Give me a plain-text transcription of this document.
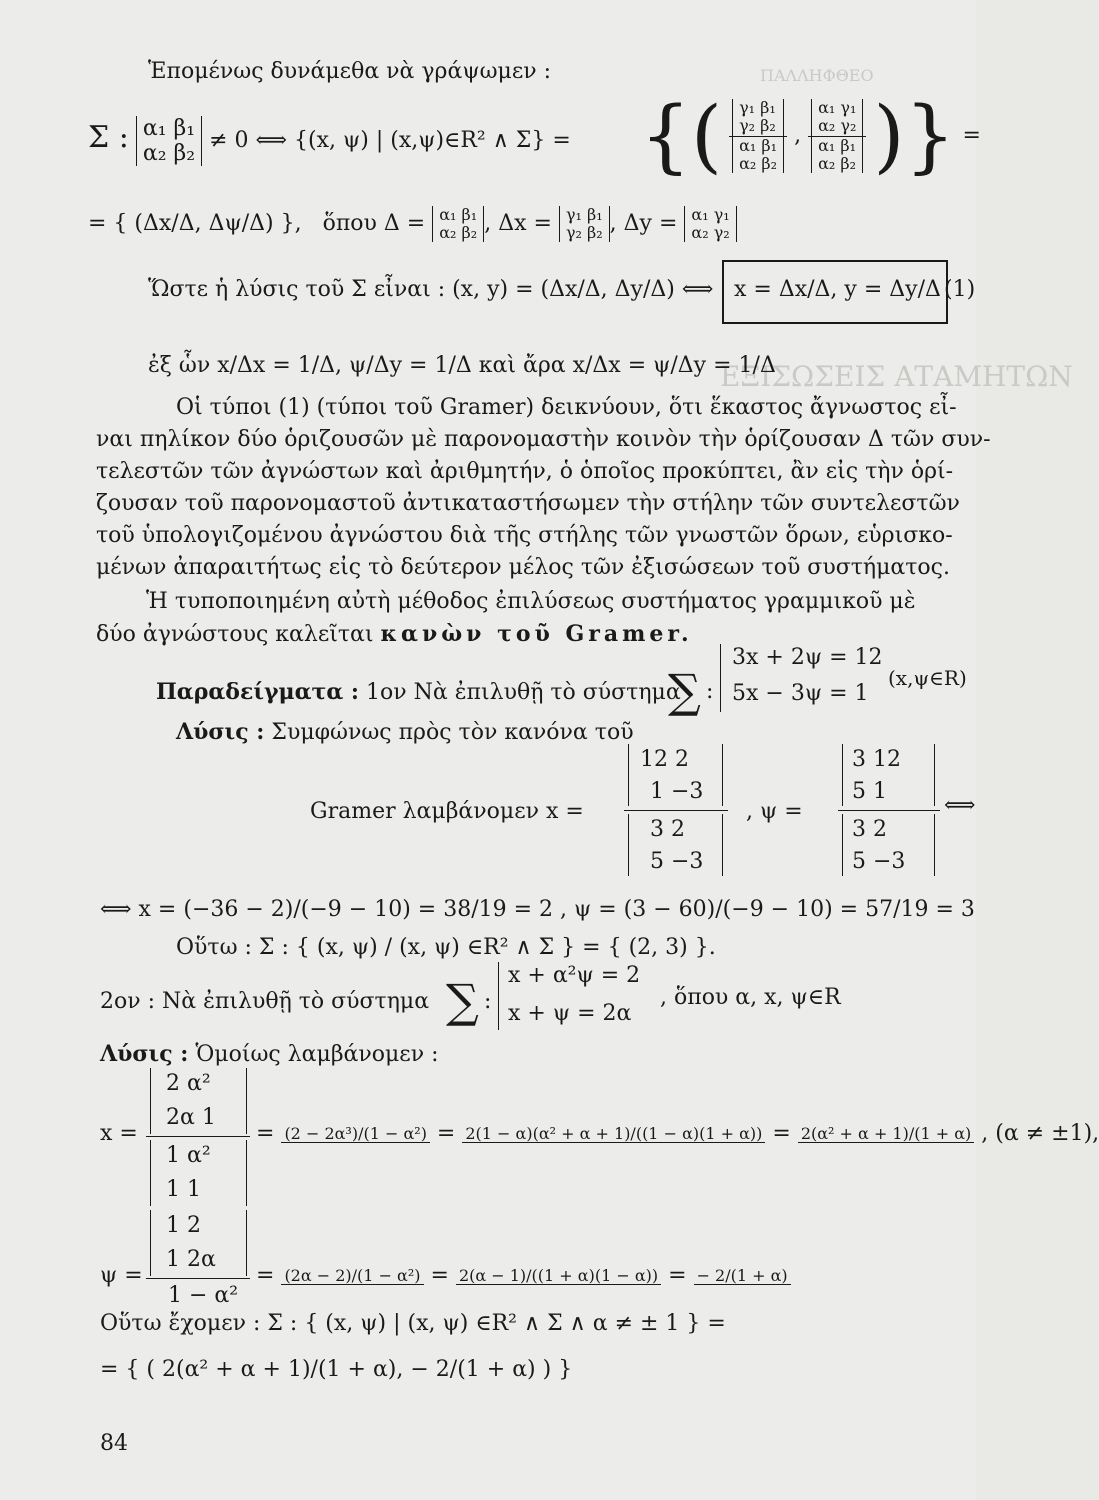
ΠΑΛΛΗΦΘΕΟ
ΕΞΙΣΩΣΕΙΣ ΑΤΑΜΗΤΩΝ
Ἑπομένως δυνάμεθα νὰ γράψωμεν :
Σ : α₁ β₁
α₂ β₂
≠ 0 ⟺ {(x, ψ) | (x,ψ)∈R² ∧ Σ} = {( γ₁ β₁
γ₂ β₂
α₁ β₁
α₂ β₂ , α₁ γ₁
α₂ γ₂
α₁ β₁
α₂ β₂ )} =
= { (Δx/Δ, Δψ/Δ) }, ὅπου Δ = α₁ β₁
α₂ β₂ , Δx = γ₁ β₁
γ₂ β₂ , Δy = α₁ γ₁
α₂ γ₂
Ὥστε ἡ λύσις τοῦ Σ εἶναι : (x, y) = (Δx/Δ, Δy/Δ) ⟺ x = Δx/Δ, y = Δy/Δ (1)
ἐξ ὧν x/Δx = 1/Δ, ψ/Δy = 1/Δ καὶ ἄρα x/Δx = ψ/Δy = 1/Δ
Οἱ τύποι (1) (τύποι τοῦ Gramer) δεικνύουν, ὅτι ἕκαστος ἄγνωστος εἶ-
ναι πηλίκον δύο ὁριζουσῶν μὲ παρονομαστὴν κοινὸν τὴν ὁρίζουσαν Δ τῶν συν-
τελεστῶν τῶν ἀγνώστων καὶ ἀριθμητήν, ὁ ὁποῖος προκύπτει, ἂν εἰς τὴν ὁρί-
ζουσαν τοῦ παρονομαστοῦ ἀντικαταστήσωμεν τὴν στήλην τῶν συντελεστῶν
τοῦ ὑπολογιζομένου ἀγνώστου διὰ τῆς στήλης τῶν γνωστῶν ὅρων, εὑρισκο-
μένων ἀπαραιτήτως εἰς τὸ δεύτερον μέλος τῶν ἐξισώσεων τοῦ συστήματος.
Ἡ τυποποιημένη αὐτὴ μέθοδος ἐπιλύσεως συστήματος γραμμικοῦ μὲ
δύο ἀγνώστους καλεῖται κανὼν τοῦ Gramer.
Παραδείγματα : 1ον Νὰ ἐπιλυθῇ τὸ σύστημα
∑ :
3x + 2ψ = 12
5x − 3ψ = 1
(x,ψ∈R)
Λύσις : Συμφώνως πρὸς τὸν κανόνα τοῦ
Gramer λαμβάνομεν x =
12 2
1 −3
3 2
5 −3
, ψ =
3 12
5 1
3 2
5 −3
⟺
⟺ x = (−36 − 2)/(−9 − 10) = 38/19 = 2 , ψ = (3 − 60)/(−9 − 10) = 57/19 = 3
Οὕτω : Σ : { (x, ψ) / (x, ψ) ∈R² ∧ Σ } = { (2, 3) }.
2ον : Νὰ ἐπιλυθῇ τὸ σύστημα ∑ :
x + α²ψ = 2
x + ψ = 2α
, ὅπου α, x, ψ∈R
Λύσις : Ὁμοίως λαμβάνομεν :
x =
2 α²
2α 1
1 α²
1 1
= (2 − 2α³)/(1 − α²) = 2(1 − α)(α² + α + 1)/((1 − α)(1 + α)) = 2(α² + α + 1)/(1 + α) , (α ≠ ±1),
ψ =
1 2
1 2α
1 − α²
= (2α − 2)/(1 − α²) = 2(α − 1)/((1 + α)(1 − α)) = − 2/(1 + α)
Οὕτω ἔχομεν : Σ : { (x, ψ) | (x, ψ) ∈R² ∧ Σ ∧ α ≠ ± 1 } =
= { ( 2(α² + α + 1)/(1 + α), − 2/(1 + α) ) }
84
